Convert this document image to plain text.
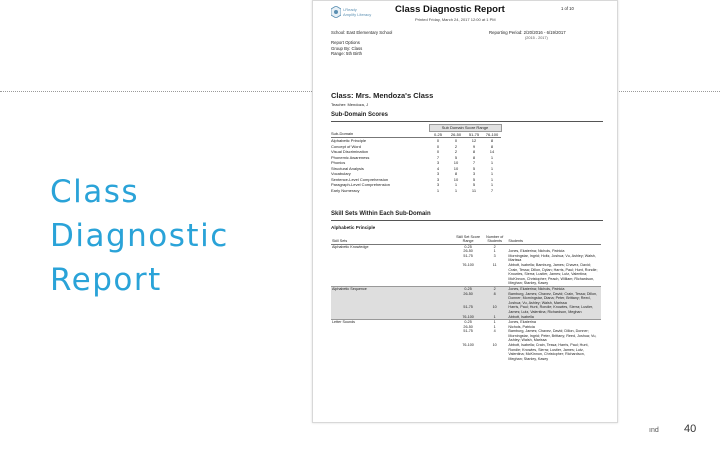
Class
Diagnostic
Report
i-Ready
Amplify Literacy	Class Diagnostic Report
Printed Friday, March 24, 2017 12:00 at 1 PM
1 of 10
School: East Elementary School	Reporting Period: 2/20/2016 - 6/19/2017
(2015 - 2017)
Report Options
Group By: Class
Range: 5th Birth
Class: Mrs. Mendoza's Class
Teacher: Mendoza, J
Sub-Domain Scores
	Sub Domain Score Range			
Sub-Domain	0-25	26-50	51-75	76-100
Alphabetic Principle	0	0	12	8
Concept of Word	0	2	9	8
Visual Discrimination	0	2	8	14
Phonemic Awareness	7	5	8	1
Phonics	3	10	7	1
Structural Analysis	4	10	5	1
Vocabulary	3	8	3	1
Sentence-Level Comprehension	3	10	5	1
Paragraph-Level Comprehension	3	1	5	1
Early Numeracy	1	1	11	7
Skill Sets Within Each Sub-Domain
Alphabetic Principle
Skill Sets	Skill Set Score Range	Number of Students	Students
Alphabetic Knowledge	0-25	2	
	26-50	1	Jones, Ekaterina; Nichols, Patricia
	51-75	3	Morningstar, Ingrid; Holtz, Joshua; Vu, Ashley; Walsh, Marissa
	76-100	11	Abbott, Isabella; Bamburg, James; Chavez, David; Crain, Tessa; Dillon, Dylan; Harris, Paul; Hunt, Rondie; Knowles, Sierra; Lustier, James; Lutz, Valentina; McKinnon, Christopher; Peach, William; Richardson, Meghan; Stanley, Kasey
Alphabetic Sequence	0-25	2	Jones, Ekaterina; Nichols, Patricia
	26-50	8	Bamburg, James; Chavez, David; Crain, Tessa; Dillon, Donner; Morningstar, Diana; Peter, Brittany; Reed, Joshua; Vu, Ashley; Walsh, Marissa
	51-75	10	Harris, Paul; Hunt, Rondie; Knowles, Sierra; Lustier, James; Lutz, Valentina; Richardson, Meghan
	76-100	1	Abbott, Isabella
Letter Sounds	0-25	1	Jones, Ekaterina
	26-50	1	Nichols, Patricia
	51-75	4	Bamburg, James; Chavez, David; Dillon, Donner; Morningstar, Ingrid; Peter, Brittany; Reed, Joshua; Vu, Ashley; Walsh, Marissa
	76-100	10	Abbott, Isabella; Crain, Tessa; Harris, Paul; Hunt, Rondie; Knowles, Sierra; Lustier, James; Lutz, Valentina; McKinnon, Christopher; Richardson, Meghan; Stanley, Kasey
ınd 40
